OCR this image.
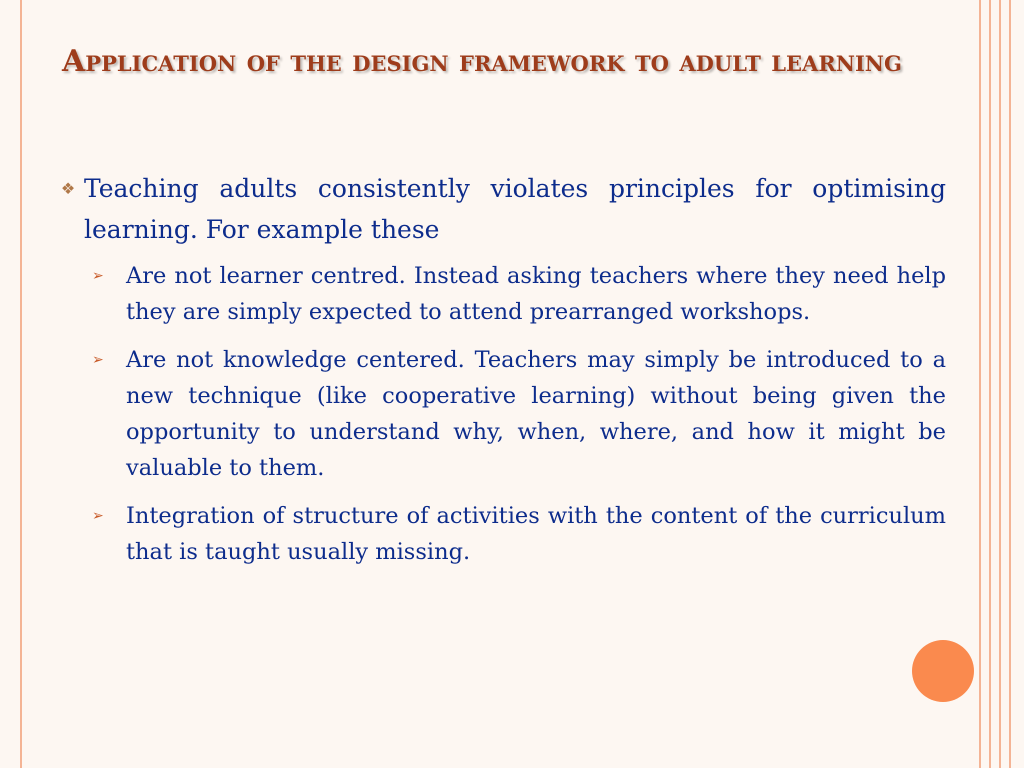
Application of the design framework to adult learning
❖ Teaching adults consistently violates principles for optimising learning. For example these

➢ Are not learner centred. Instead asking teachers where they need help they are simply expected to attend prearranged workshops.

➢ Are not knowledge centered. Teachers may simply be introduced to a new technique (like cooperative learning) without being given the opportunity to understand why, when, where, and how it might be valuable to them.

➢ Integration of structure of activities with the content of the curriculum that is taught usually missing.
